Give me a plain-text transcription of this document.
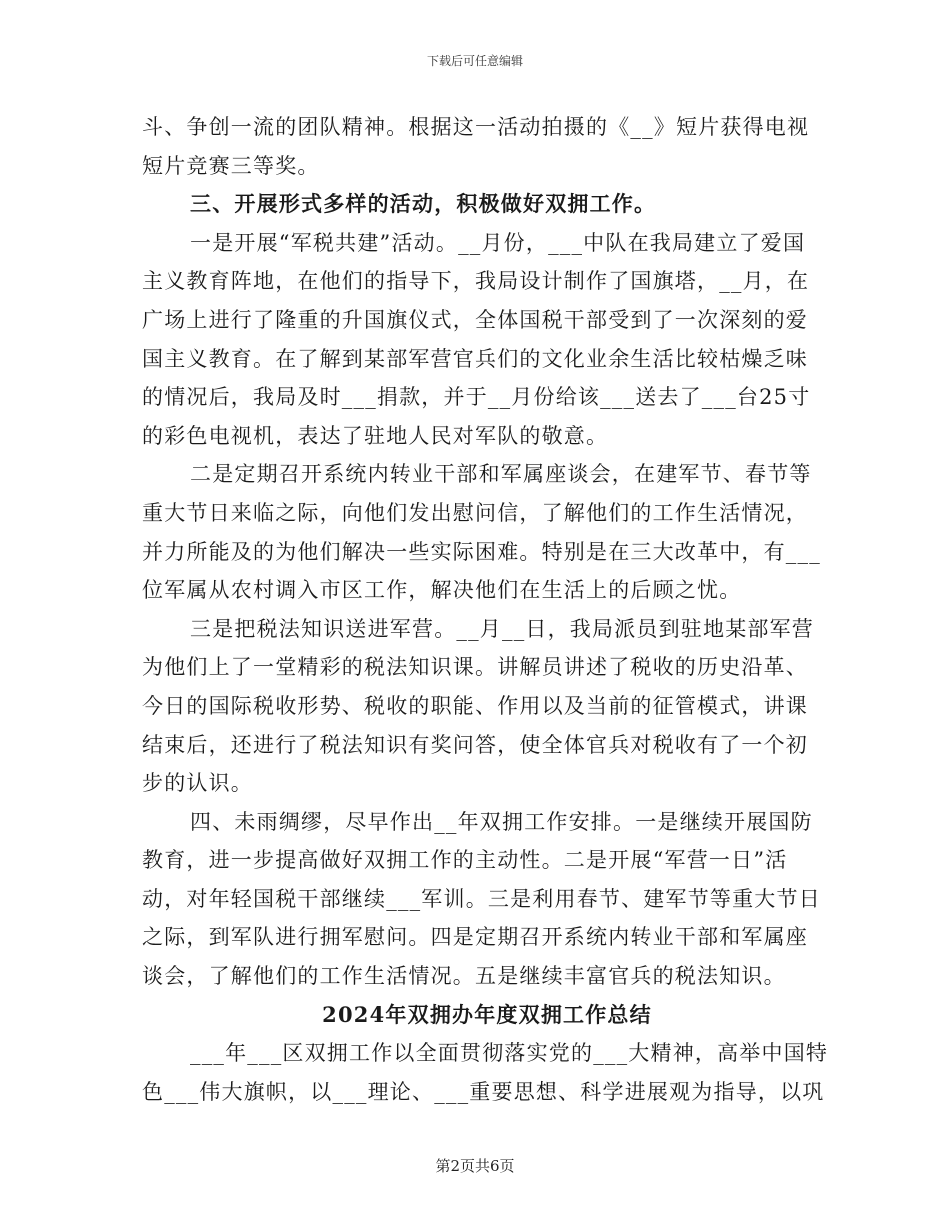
下载后可任意编辑
斗、争创一流的团队精神。根据这一活动拍摄的《__》短片获得电视
短片竞赛三等奖。
三、开展形式多样的活动，积极做好双拥工作。
一是开展“军税共建”活动。__月份，___中队在我局建立了爱国
主义教育阵地，在他们的指导下，我局设计制作了国旗塔，__月，在
广场上进行了隆重的升国旗仪式，全体国税干部受到了一次深刻的爱
国主义教育。在了解到某部军营官兵们的文化业余生活比较枯燥乏味
的情况后，我局及时___捐款，并于__月份给该___送去了___台25寸
的彩色电视机，表达了驻地人民对军队的敬意。
二是定期召开系统内转业干部和军属座谈会，在建军节、春节等
重大节日来临之际，向他们发出慰问信，了解他们的工作生活情况，
并力所能及的为他们解决一些实际困难。特别是在三大改革中，有___
位军属从农村调入市区工作，解决他们在生活上的后顾之忧。
三是把税法知识送进军营。__月__日，我局派员到驻地某部军营
为他们上了一堂精彩的税法知识课。讲解员讲述了税收的历史沿革、
今日的国际税收形势、税收的职能、作用以及当前的征管模式，讲课
结束后，还进行了税法知识有奖问答，使全体官兵对税收有了一个初
步的认识。
四、未雨绸缪，尽早作出__年双拥工作安排。一是继续开展国防
教育，进一步提高做好双拥工作的主动性。二是开展“军营一日”活
动，对年轻国税干部继续___军训。三是利用春节、建军节等重大节日
之际，到军队进行拥军慰问。四是定期召开系统内转业干部和军属座
谈会，了解他们的工作生活情况。五是继续丰富官兵的税法知识。
2024年双拥办年度双拥工作总结
___年___区双拥工作以全面贯彻落实党的___大精神，高举中国特
色___伟大旗帜，以___理论、___重要思想、科学进展观为指导，以巩
第2页共6页
